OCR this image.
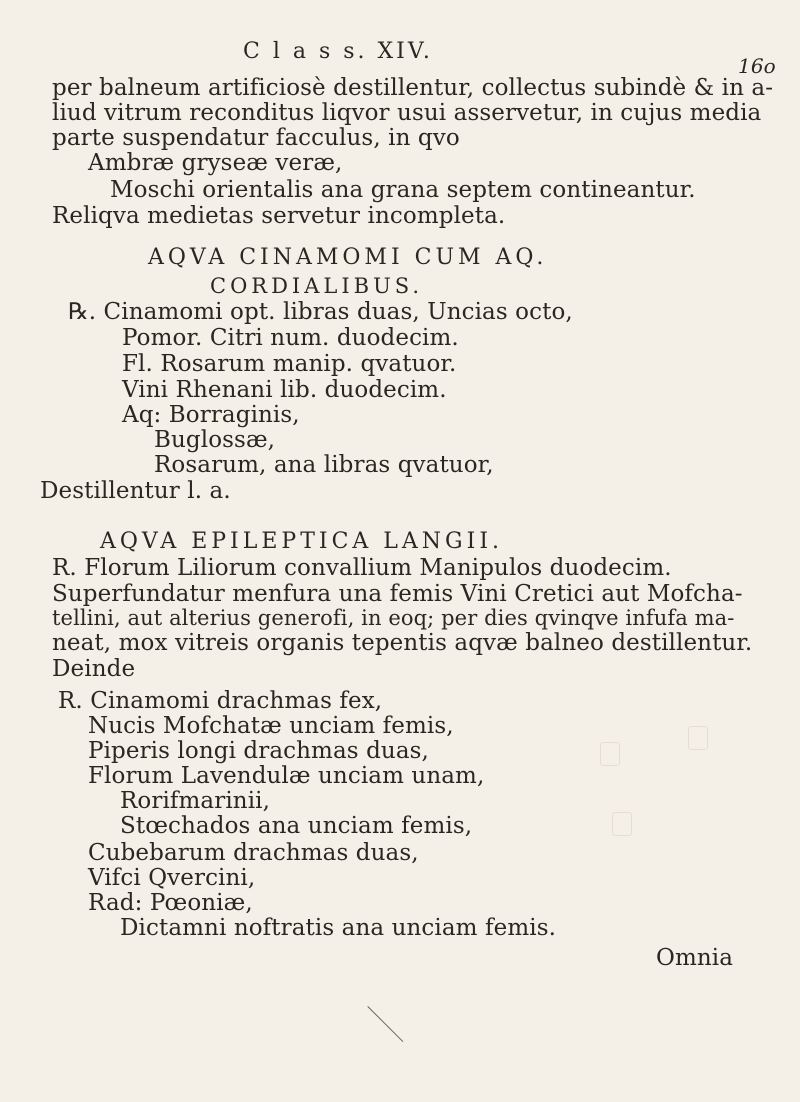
C l a s s. XIV.
16o
per balneum artificiosè destillentur, collectus subindè & in a-
liud vitrum reconditus liqvor usui asservetur, in cujus media
parte suspendatur facculus, in qvo
Ambræ gryseæ veræ,
Moschi orientalis ana grana septem contineantur.
Reliqva medietas servetur incompleta.
AQVA CINAMOMI CUM AQ.
CORDIALIBUS.
℞. Cinamomi opt. libras duas, Uncias octo,
Pomor. Citri num. duodecim.
Fl. Rosarum manip. qvatuor.
Vini Rhenani lib. duodecim.
Aq: Borraginis,
Buglossæ,
Rosarum, ana libras qvatuor,
Destillentur l. a.
AQVA EPILEPTICA LANGII.
R. Florum Liliorum convallium Manipulos duodecim.
Superfundatur menfura una femis Vini Cretici aut Mofcha-
tellini, aut alterius generofi, in eoq; per dies qvinqve infufa ma-
neat, mox vitreis organis tepentis aqvæ balneo destillentur.
Deinde
R. Cinamomi drachmas fex,
Nucis Mofchatæ unciam femis,
Piperis longi drachmas duas,
Florum Lavendulæ unciam unam,
Rorifmarinii,
Stœchados ana unciam femis,
Cubebarum drachmas duas,
Vifci Qvercini,
Rad: Pœoniæ,
Dictamni noftratis ana unciam femis.
Omnia
